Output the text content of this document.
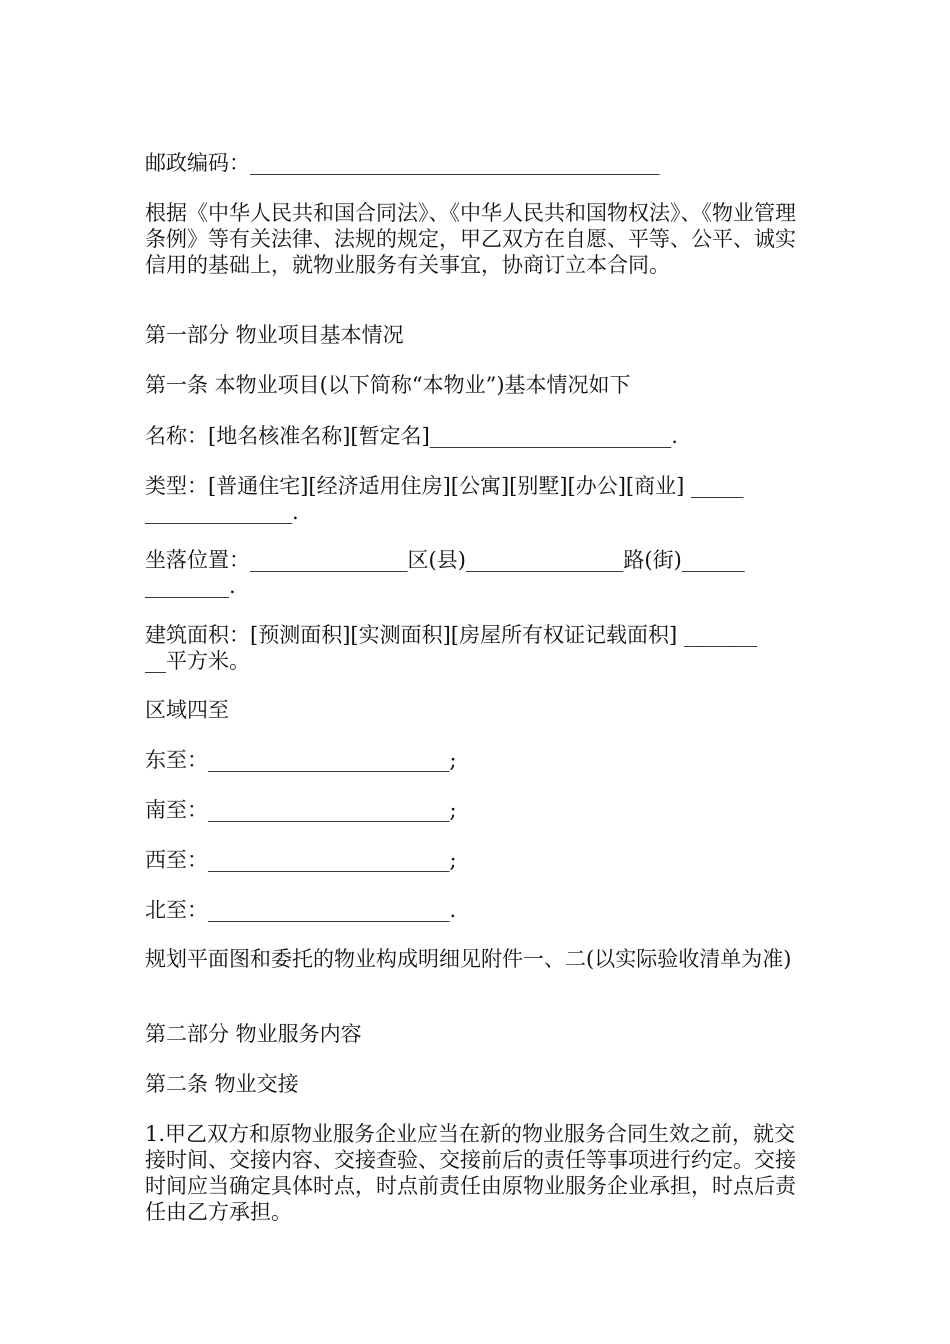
邮政编码：_______________________________________

根据《中华人民共和国合同法》、《中华人民共和国物权法》、《物业管理条例》等有关法律、法规的规定，甲乙双方在自愿、平等、公平、诚实信用的基础上，就物业服务有关事宜，协商订立本合同。

第一部分 物业项目基本情况

第一条 本物业项目(以下简称“本物业”)基本情况如下

名称：[地名核准名称][暂定名]_______________________.

类型：[普通住宅][经济适用住房][公寓][别墅][办公][商业] _____
______________.

坐落位置：_______________区(县)_______________路(街)______
________.

建筑面积：[预测面积][实测面积][房屋所有权证记载面积] _______
__平方米。

区域四至

东至：_______________________;

南至：_______________________;

西至：_______________________;

北至：_______________________.

规划平面图和委托的物业构成明细见附件一、二(以实际验收清单为准)

第二部分 物业服务内容

第二条 物业交接

1.甲乙双方和原物业服务企业应当在新的物业服务合同生效之前，就交接时间、交接内容、交接查验、交接前后的责任等事项进行约定。交接时间应当确定具体时点，时点前责任由原物业服务企业承担，时点后责任由乙方承担。
